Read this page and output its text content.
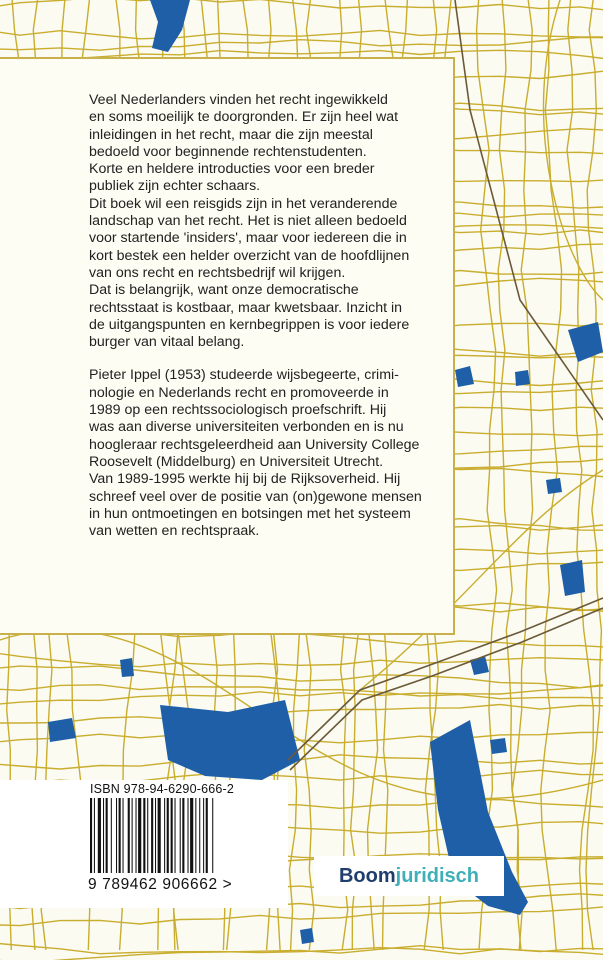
Veel Nederlanders vinden het recht ingewikkeld
en soms moeilijk te doorgronden. Er zijn heel wat
inleidingen in het recht, maar die zijn meestal
bedoeld voor beginnende rechtenstudenten.
Korte en heldere introducties voor een breder
publiek zijn echter schaars.
Dit boek wil een reisgids zijn in het veranderende
landschap van het recht. Het is niet alleen bedoeld
voor startende 'insiders', maar voor iedereen die in
kort bestek een helder overzicht van de hoofdlijnen
van ons recht en rechtsbedrijf wil krijgen.
Dat is belangrijk, want onze democratische
rechtsstaat is kostbaar, maar kwetsbaar. Inzicht in
de uitgangspunten en kernbegrippen is voor iedere
burger van vitaal belang.

Pieter Ippel (1953) studeerde wijsbegeerte, crimi-
nologie en Nederlands recht en promoveerde in
1989 op een rechtssociologisch proefschrift. Hij
was aan diverse universiteiten verbonden en is nu
hoogleraar rechtsgeleerdheid aan University College
Roosevelt (Middelburg) en Universiteit Utrecht.
Van 1989-1995 werkte hij bij de Rijksoverheid. Hij
schreef veel over de positie van (on)gewone mensen
in hun ontmoetingen en botsingen met het systeem
van wetten en rechtspraak.

ISBN 978-94-6290-666-2
9 789462 906662 >	Boom juridisch
